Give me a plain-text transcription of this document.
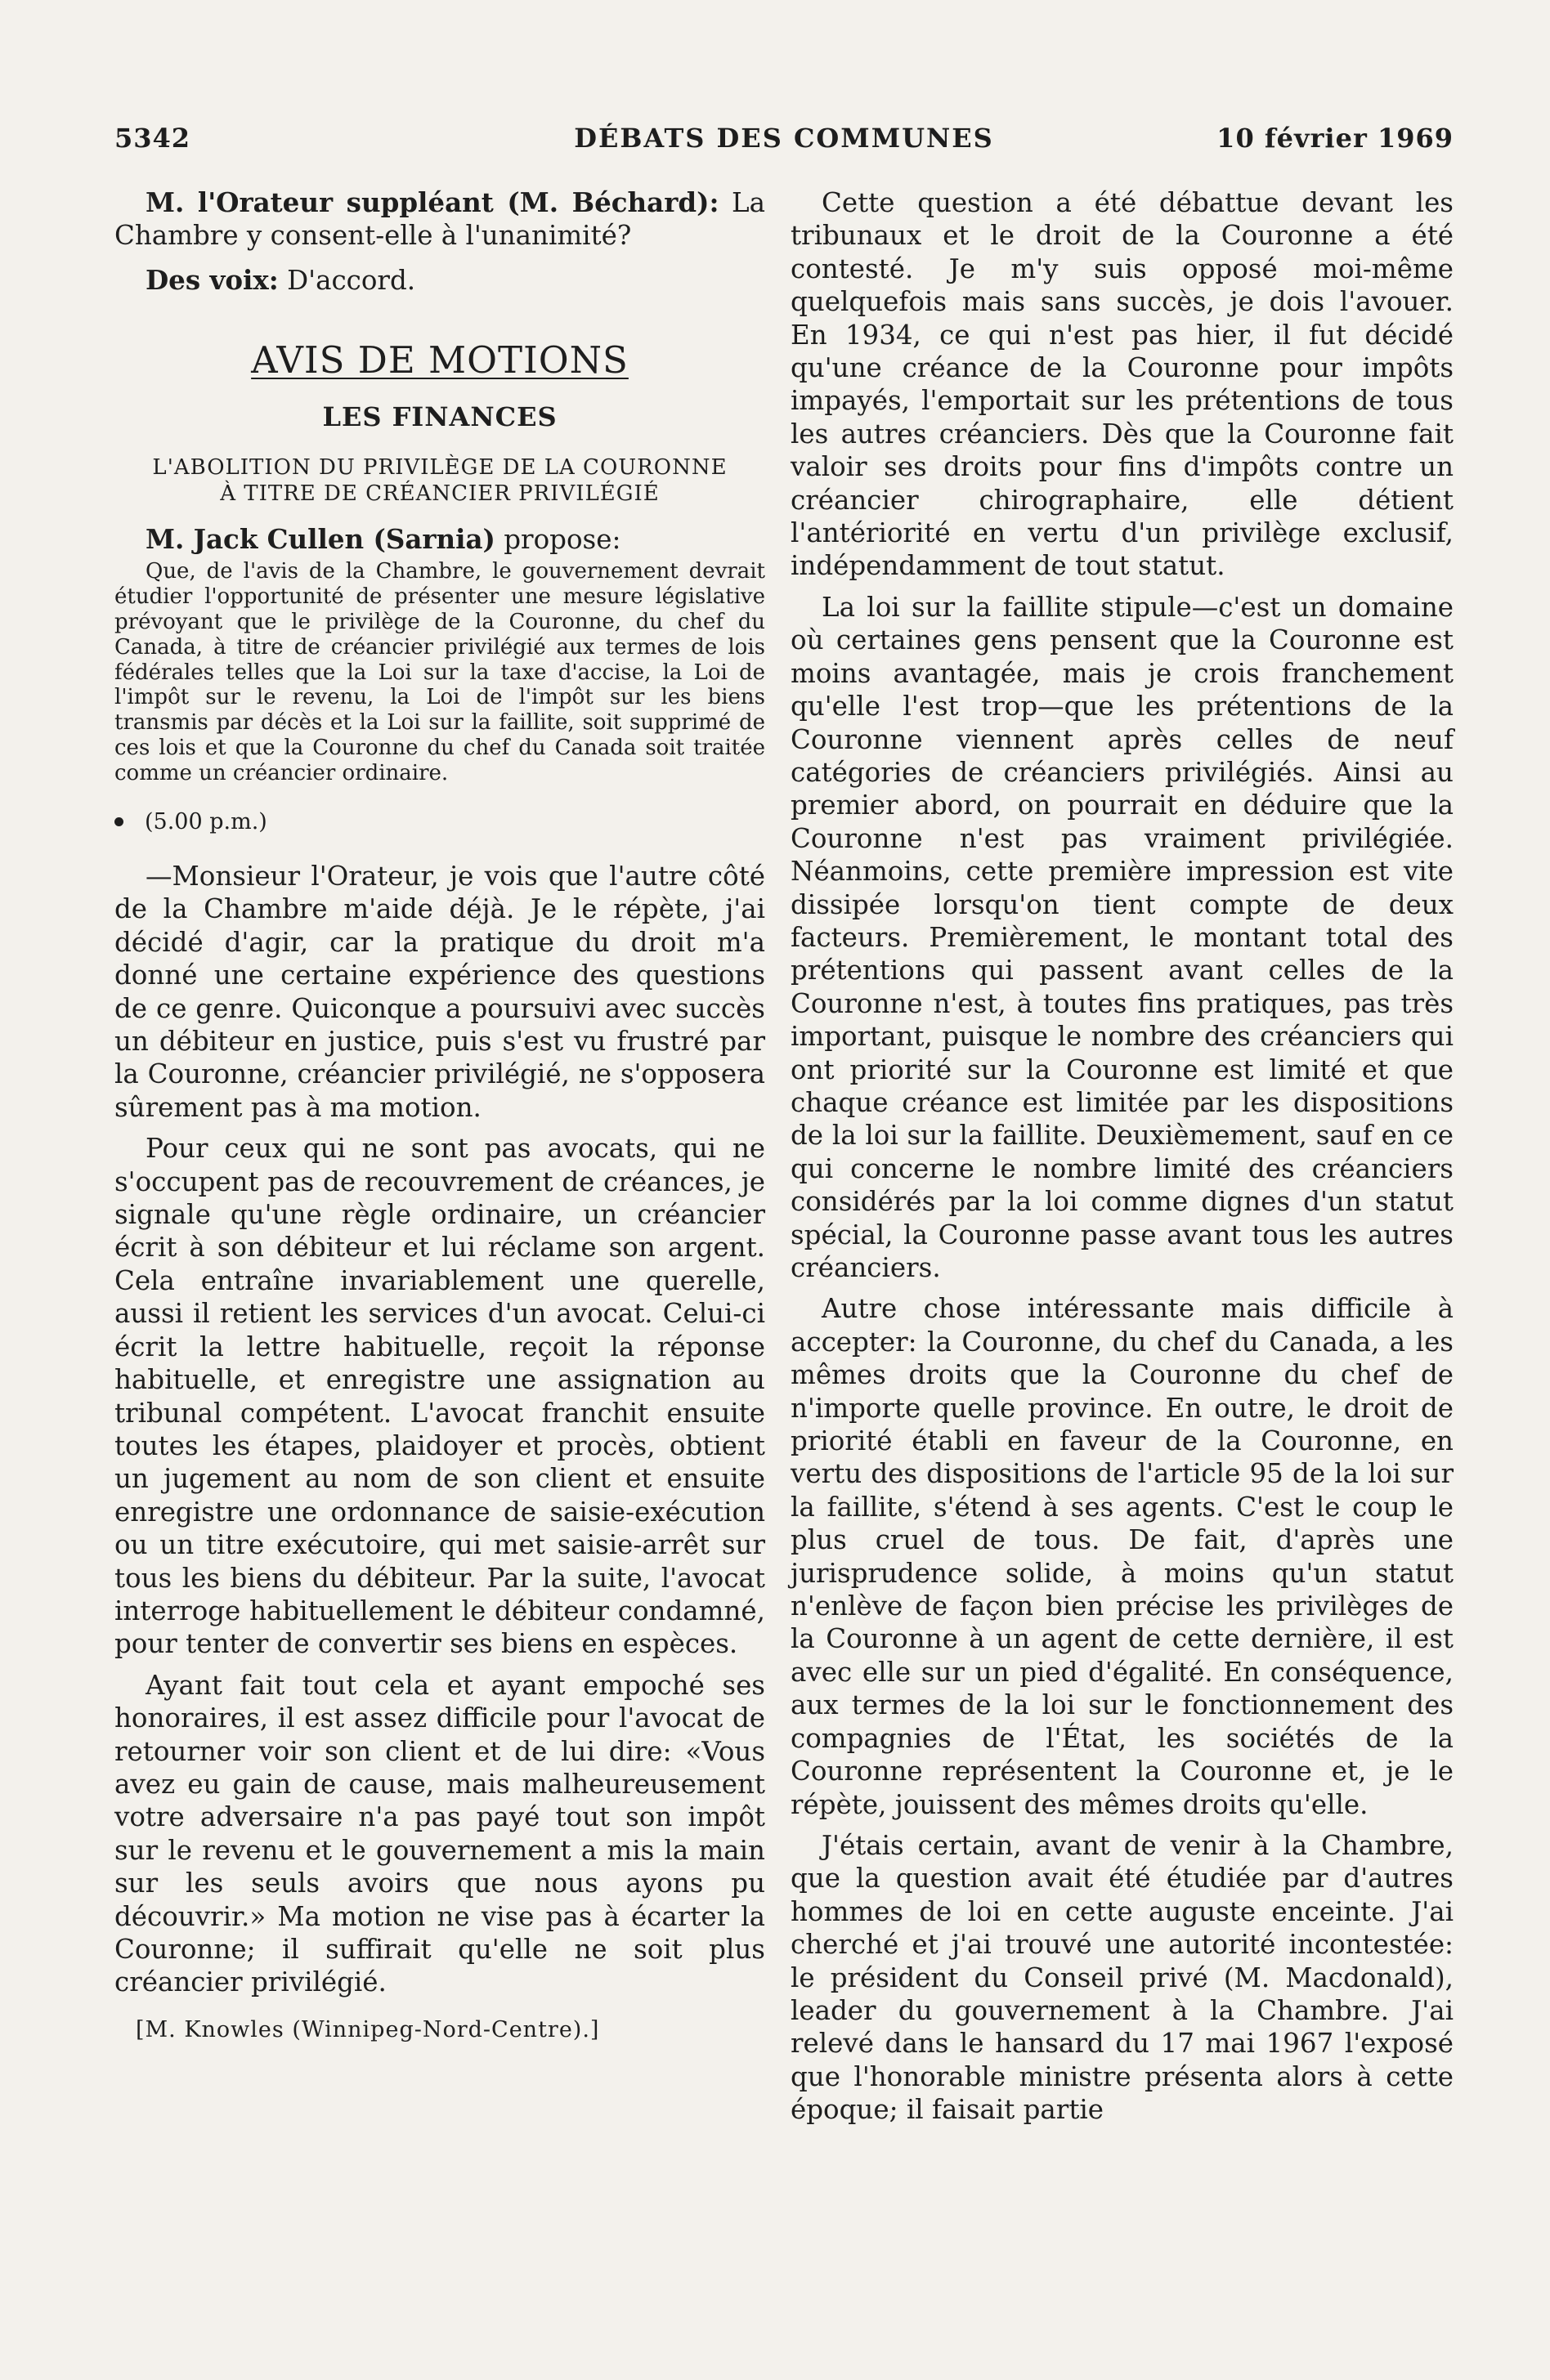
5342	DÉBATS DES COMMUNES	10 février 1969

M. l'Orateur suppléant (M. Béchard): La Chambre y consent-elle à l'unanimité?

Des voix: D'accord.

AVIS DE MOTIONS
LES FINANCES
L'ABOLITION DU PRIVILÈGE DE LA COURONNE
À TITRE DE CRÉANCIER PRIVILÉGIÉ

M. Jack Cullen (Sarnia) propose:

Que, de l'avis de la Chambre, le gouvernement devrait étudier l'opportunité de présenter une mesure législative prévoyant que le privilège de la Couronne, du chef du Canada, à titre de créancier privilégié aux termes de lois fédérales telles que la Loi sur la taxe d'accise, la Loi de l'impôt sur le revenu, la Loi de l'impôt sur les biens transmis par décès et la Loi sur la faillite, soit supprimé de ces lois et que la Couronne du chef du Canada soit traitée comme un créancier ordinaire.
(5.00 p.m.)

—Monsieur l'Orateur, je vois que l'autre côté de la Chambre m'aide déjà. Je le répète, j'ai décidé d'agir, car la pratique du droit m'a donné une certaine expérience des questions de ce genre. Quiconque a poursuivi avec succès un débiteur en justice, puis s'est vu frustré par la Couronne, créancier privilégié, ne s'opposera sûrement pas à ma motion.

Pour ceux qui ne sont pas avocats, qui ne s'occupent pas de recouvrement de créances, je signale qu'une règle ordinaire, un créancier écrit à son débiteur et lui réclame son argent. Cela entraîne invariablement une querelle, aussi il retient les services d'un avocat. Celui-ci écrit la lettre habituelle, reçoit la réponse habituelle, et enregistre une assignation au tribunal compétent. L'avocat franchit ensuite toutes les étapes, plaidoyer et procès, obtient un jugement au nom de son client et ensuite enregistre une ordonnance de saisie-exécution ou un titre exécutoire, qui met saisie-arrêt sur tous les biens du débiteur. Par la suite, l'avocat interroge habituellement le débiteur condamné, pour tenter de convertir ses biens en espèces.

Ayant fait tout cela et ayant empoché ses honoraires, il est assez difficile pour l'avocat de retourner voir son client et de lui dire: «Vous avez eu gain de cause, mais malheureusement votre adversaire n'a pas payé tout son impôt sur le revenu et le gouvernement a mis la main sur les seuls avoirs que nous ayons pu découvrir.» Ma motion ne vise pas à écarter la Couronne; il suffirait qu'elle ne soit plus créancier privilégié.

[M. Knowles (Winnipeg-Nord-Centre).]

Cette question a été débattue devant les tribunaux et le droit de la Couronne a été contesté. Je m'y suis opposé moi-même quelquefois mais sans succès, je dois l'avouer. En 1934, ce qui n'est pas hier, il fut décidé qu'une créance de la Couronne pour impôts impayés, l'emportait sur les prétentions de tous les autres créanciers. Dès que la Couronne fait valoir ses droits pour fins d'impôts contre un créancier chirographaire, elle détient l'antériorité en vertu d'un privilège exclusif, indépendamment de tout statut.

La loi sur la faillite stipule—c'est un domaine où certaines gens pensent que la Couronne est moins avantagée, mais je crois franchement qu'elle l'est trop—que les prétentions de la Couronne viennent après celles de neuf catégories de créanciers privilégiés. Ainsi au premier abord, on pourrait en déduire que la Couronne n'est pas vraiment privilégiée. Néanmoins, cette première impression est vite dissipée lorsqu'on tient compte de deux facteurs. Premièrement, le montant total des prétentions qui passent avant celles de la Couronne n'est, à toutes fins pratiques, pas très important, puisque le nombre des créanciers qui ont priorité sur la Couronne est limité et que chaque créance est limitée par les dispositions de la loi sur la faillite. Deuxièmement, sauf en ce qui concerne le nombre limité des créanciers considérés par la loi comme dignes d'un statut spécial, la Couronne passe avant tous les autres créanciers.

Autre chose intéressante mais difficile à accepter: la Couronne, du chef du Canada, a les mêmes droits que la Couronne du chef de n'importe quelle province. En outre, le droit de priorité établi en faveur de la Couronne, en vertu des dispositions de l'article 95 de la loi sur la faillite, s'étend à ses agents. C'est le coup le plus cruel de tous. De fait, d'après une jurisprudence solide, à moins qu'un statut n'enlève de façon bien précise les privilèges de la Couronne à un agent de cette dernière, il est avec elle sur un pied d'égalité. En conséquence, aux termes de la loi sur le fonctionnement des compagnies de l'État, les sociétés de la Couronne représentent la Couronne et, je le répète, jouissent des mêmes droits qu'elle.

J'étais certain, avant de venir à la Chambre, que la question avait été étudiée par d'autres hommes de loi en cette auguste enceinte. J'ai cherché et j'ai trouvé une autorité incontestée: le président du Conseil privé (M. Macdonald), leader du gouvernement à la Chambre. J'ai relevé dans le hansard du 17 mai 1967 l'exposé que l'honorable ministre présenta alors à cette époque; il faisait partie
